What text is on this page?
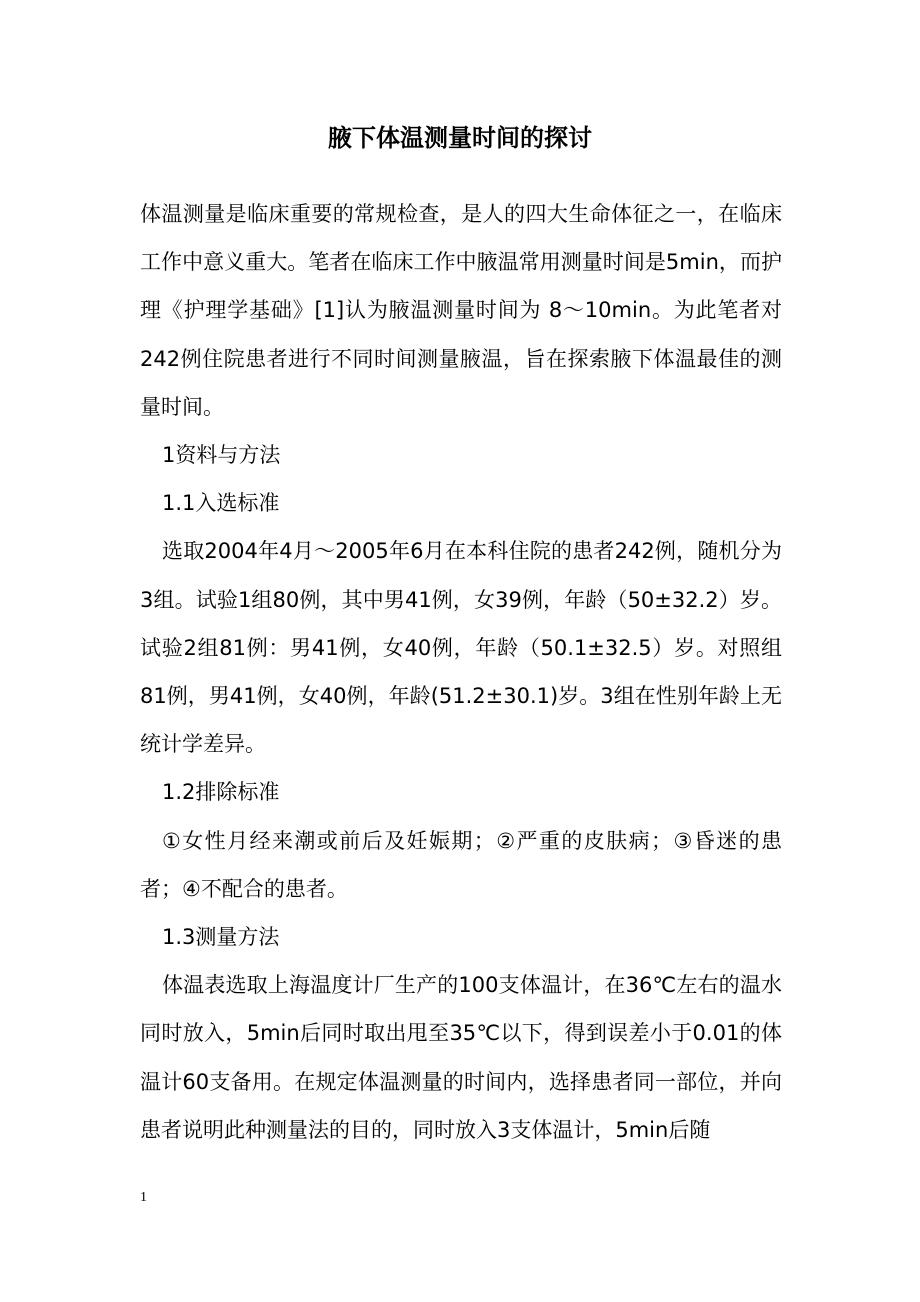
腋下体温测量时间的探讨

体温测量是临床重要的常规检查，是人的四大生命体征之一，在临床工作中意义重大。笔者在临床工作中腋温常用测量时间是5min，而护理《护理学基础》[1]认为腋温测量时间为 8～10min。为此笔者对242例住院患者进行不同时间测量腋温，旨在探索腋下体温最佳的测量时间。

1资料与方法

1.1入选标准

选取2004年4月～2005年6月在本科住院的患者242例，随机分为3组。试验1组80例，其中男41例，女39例，年龄（50±32.2）岁。试验2组81例：男41例，女40例，年龄（50.1±32.5）岁。对照组81例，男41例，女40例，年龄(51.2±30.1)岁。3组在性别年龄上无统计学差异。

1.2排除标准

①女性月经来潮或前后及妊娠期；②严重的皮肤病；③昏迷的患者；④不配合的患者。

1.3测量方法

体温表选取上海温度计厂生产的100支体温计，在36℃左右的温水同时放入，5min后同时取出甩至35℃以下，得到误差小于0.01的体温计60支备用。在规定体温测量的时间内，选择患者同一部位，并向患者说明此种测量法的目的，同时放入3支体温计，5min后随

1
